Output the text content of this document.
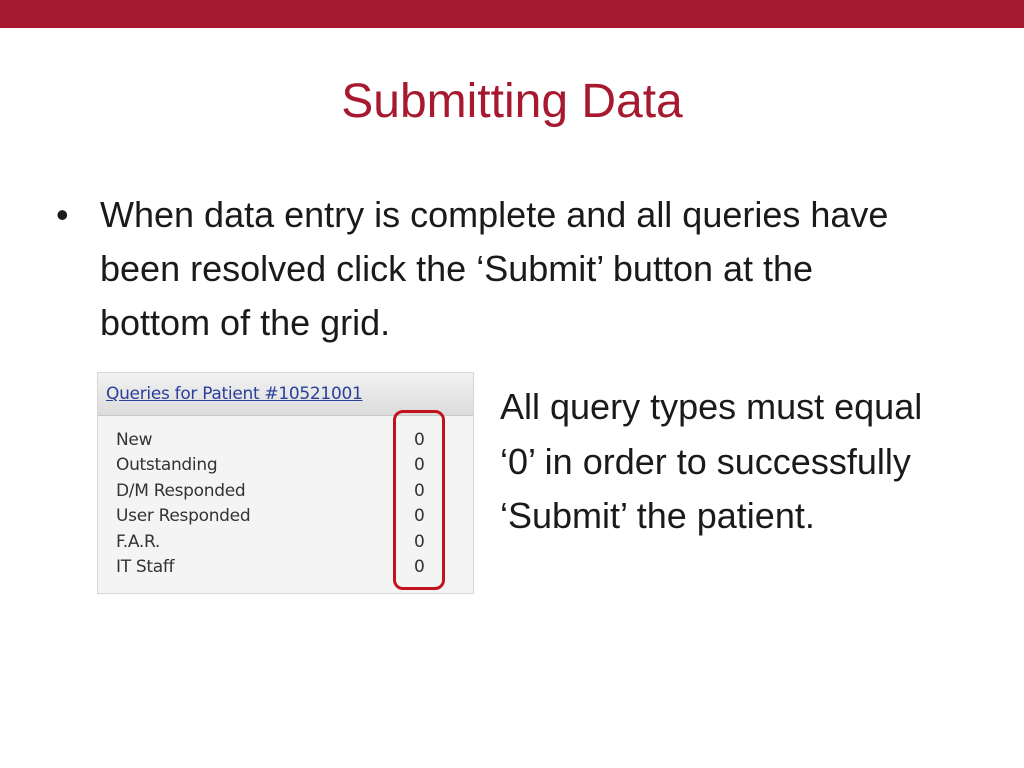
Submitting Data
• When data entry is complete and all queries have been resolved click the ‘Submit’ button at the bottom of the grid.
Queries for Patient #10521001
New	0
Outstanding	0
D/M Responded	0
User Responded	0
F.A.R.	0
IT Staff	0
All query types must equal ‘0’ in order to successfully ‘Submit’ the patient.
